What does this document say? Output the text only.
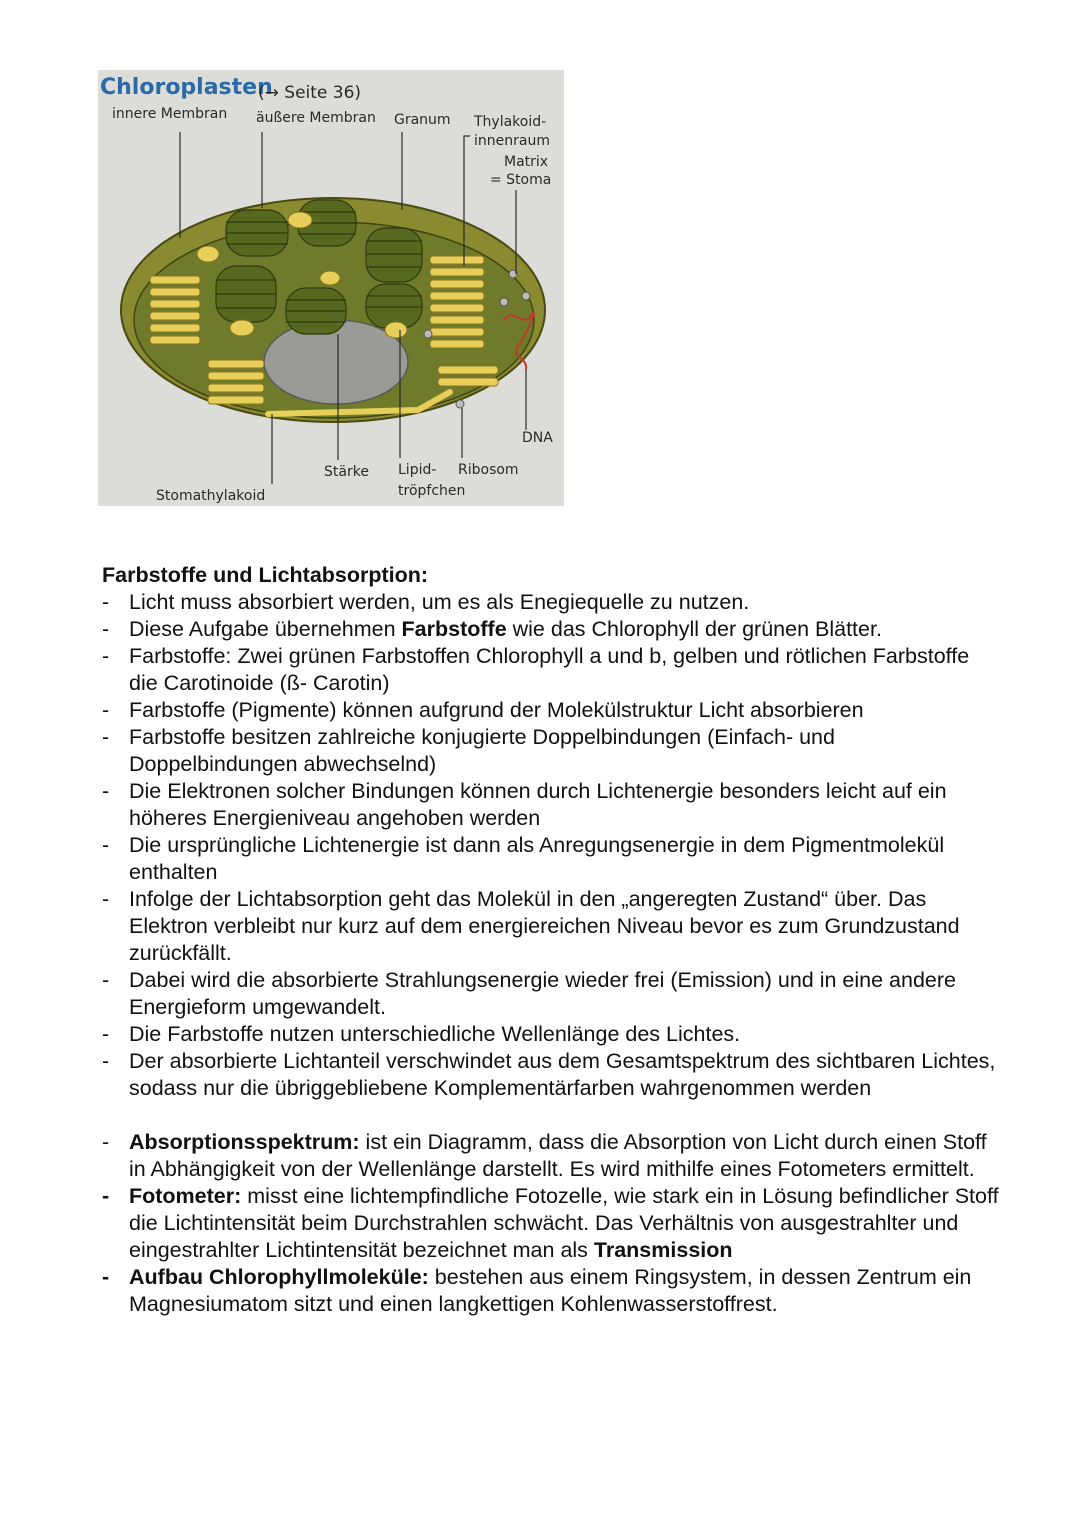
Chloroplasten
(→ Seite 36)
innere Membran äußere Membran Granum Thylakoid-
innenraum
Matrix
= Stoma
DNA
Stärke Lipid-
tröpfchen
Ribosom
Stomathylakoid

Farbstoffe und Lichtabsorption:

- Licht muss absorbiert werden, um es als Enegiequelle zu nutzen.
- Diese Aufgabe übernehmen Farbstoffe wie das Chlorophyll der grünen Blätter.
- Farbstoffe: Zwei grünen Farbstoffen Chlorophyll a und b, gelben und rötlichen Farbstoffe die Carotinoide (ß- Carotin)
- Farbstoffe (Pigmente) können aufgrund der Molekülstruktur Licht absorbieren
- Farbstoffe besitzen zahlreiche konjugierte Doppelbindungen (Einfach- und Doppelbindungen abwechselnd)
- Die Elektronen solcher Bindungen können durch Lichtenergie besonders leicht auf ein höheres Energieniveau angehoben werden
- Die ursprüngliche Lichtenergie ist dann als Anregungsenergie in dem Pigmentmolekül enthalten
- Infolge der Lichtabsorption geht das Molekül in den „angeregten Zustand“ über. Das Elektron verbleibt nur kurz auf dem energiereichen Niveau bevor es zum Grundzustand zurückfällt.
- Dabei wird die absorbierte Strahlungsenergie wieder frei (Emission) und in eine andere Energieform umgewandelt.
- Die Farbstoffe nutzen unterschiedliche Wellenlänge des Lichtes.
- Der absorbierte Lichtanteil verschwindet aus dem Gesamtspektrum des sichtbaren Lichtes, sodass nur die übriggebliebene Komplementärfarben wahrgenommen werden
- Absorptionsspektrum: ist ein Diagramm, dass die Absorption von Licht durch einen Stoff in Abhängigkeit von der Wellenlänge darstellt. Es wird mithilfe eines Fotometers ermittelt.
- Fotometer: misst eine lichtempfindliche Fotozelle, wie stark ein in Lösung befindlicher Stoff die Lichtintensität beim Durchstrahlen schwächt. Das Verhältnis von ausgestrahlter und eingestrahlter Lichtintensität bezeichnet man als Transmission
- Aufbau Chlorophyllmoleküle: bestehen aus einem Ringsystem, in dessen Zentrum ein Magnesiumatom sitzt und einen langkettigen Kohlenwasserstoffrest.
